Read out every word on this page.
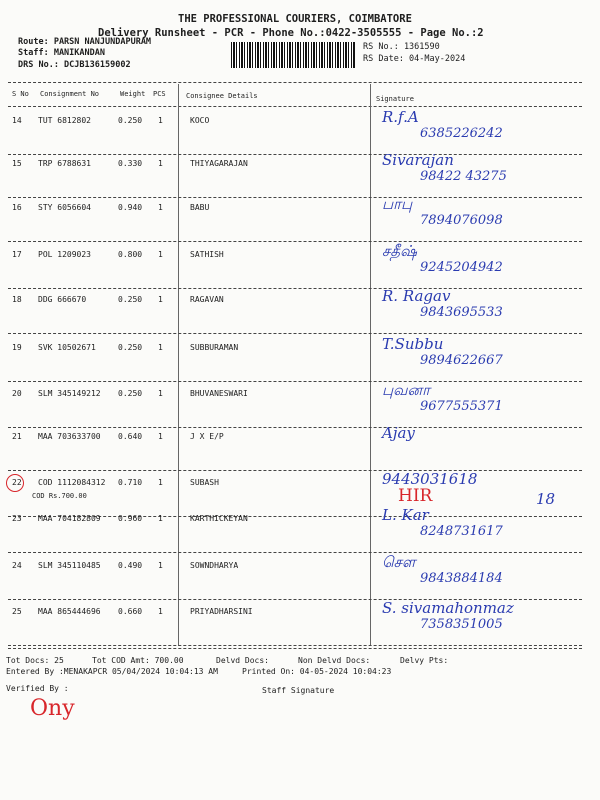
THE PROFESSIONAL COURIERS, COIMBATORE
Delivery Runsheet - PCR - Phone No.:0422-3505555 - Page No.:2
Route: PARSN NANJUNDAPURAM
Staff: MANIKANDAN
DRS No.: DCJB136159002
RS No.: 1361590
RS Date: 04-May-2024
S No Consignment No	Weight PCS	Consignee Details	Signature
14 TUT 6812802	0.250 1	KOCO	R.f.A
6385226242
15 TRP 6788631	0.330 1	THIYAGARAJAN	Sivarajan
98422 43275
16 STY 6056604	0.940 1	BABU	பாபு
7894076098
17 POL 1209023	0.800 1	SATHISH	சதீஷ்
9245204942
18 DDG 666670	0.250 1	RAGAVAN	R. Ragav
9843695533
19 SVK 10502671	0.250 1	SUBBURAMAN	T.Subbu
9894622667
20 SLM 345149212 0.250 1	BHUVANESWARI	புவனா
9677555371
21 MAA 703633700 0.640 1	J X E/P	Ajay
22 COD 1112084312 0.710 1	SUBASH
COD Rs.700.00
9443031618
23 MAA 704182809 0.960 1	KARTHICKEYAN	L. Kar
8248731617
24 SLM 345110485 0.490 1	SOWNDHARYA	சௌ
9843884184
25 MAA 865444696 0.660 1	PRIYADHARSINI	S. sivamahonmaz
7358351005
HIR	18
Tot Docs: 25	Tot COD Amt: 700.00	Delvd Docs:	Non Delvd Docs:	Delvy Pts:
Entered By :MENAKAPCR 05/04/2024 10:04:13 AM	Printed On: 04-05-2024 10:04:23
Verified By :	Staff Signature
Ony
